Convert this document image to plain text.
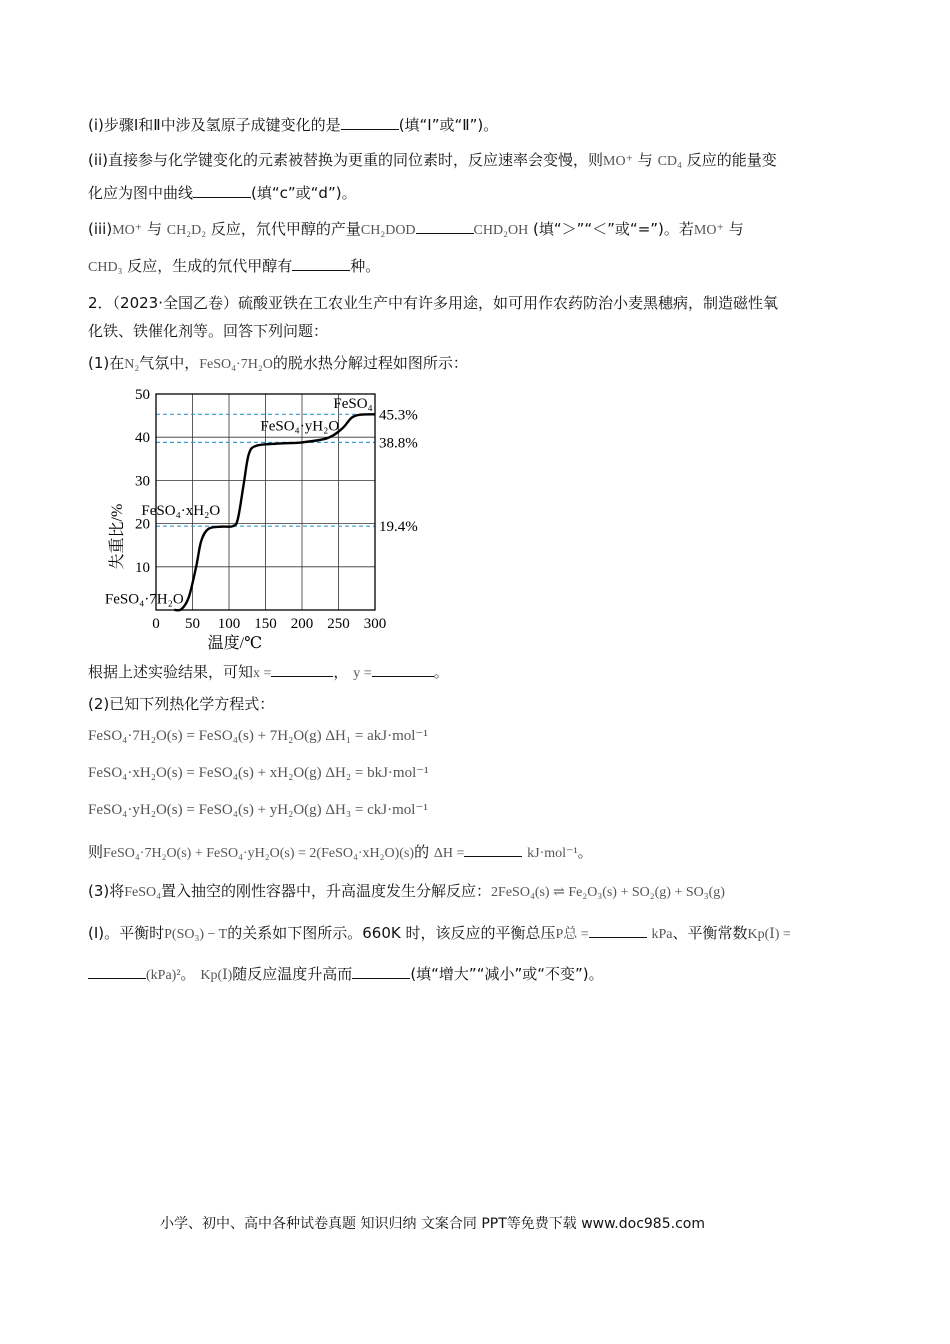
(i)步骤Ⅰ和Ⅱ中涉及氢原子成键变化的是	(填“Ⅰ”或“Ⅱ”)。
(ii)直接参与化学键变化的元素被替换为更重的同位素时，反应速率会变慢，则MO⁺ 与 CD₄ 反应的能量变
化应为图中曲线	(填“c”或“d”)。
(iii)MO⁺ 与 CH₂D₂ 反应，氘代甲醇的产量CH₂DOD	CHD₂OH (填“＞”“＜”或“=”)。若MO⁺ 与
CHD₃ 反应，生成的氘代甲醇有	种。
2．（2023·全国乙卷）硫酸亚铁在工农业生产中有许多用途，如可用作农药防治小麦黑穗病，制造磁性氧
化铁、铁催化剂等。回答下列问题：
(1)在N₂气氛中，FeSO₄·7H₂O的脱水热分解过程如图所示：
45.3%
38.8%
19.4%
0 50 100 150 200 250 300
10
20
30
40
50
FeSO₄
FeSO₄·yH₂O
FeSO₄·xH₂O
FeSO₄·7H₂O
温度/℃
失重比/%
根据上述实验结果，可知x =	， y =	。
(2)已知下列热化学方程式：
FeSO₄·7H₂O(s) = FeSO₄(s) + 7H₂O(g) ΔH₁ = akJ·mol⁻¹
FeSO₄·xH₂O(s) = FeSO₄(s) + xH₂O(g) ΔH₂ = bkJ·mol⁻¹
FeSO₄·yH₂O(s) = FeSO₄(s) + yH₂O(g) ΔH₃ = ckJ·mol⁻¹
则FeSO₄·7H₂O(s) + FeSO₄·yH₂O(s) = 2(FeSO₄·xH₂O)(s)的 ΔH =	kJ·mol⁻¹。
(3)将FeSO₄置入抽空的刚性容器中，升高温度发生分解反应：2FeSO₄(s) ⇌ Fe₂O₃(s) + SO₂(g) + SO₃(g)
(Ⅰ)。平衡时P(SO₃) − T的关系如下图所示。660K 时，该反应的平衡总压P总 =	kPa、平衡常数Kp(Ⅰ) =
(kPa)²。 Kp(Ⅰ)随反应温度升高而	(填“增大”“减小”或“不变”)。
小学、初中、高中各种试卷真题 知识归纳 文案合同 PPT等免费下载 www.doc985.com
